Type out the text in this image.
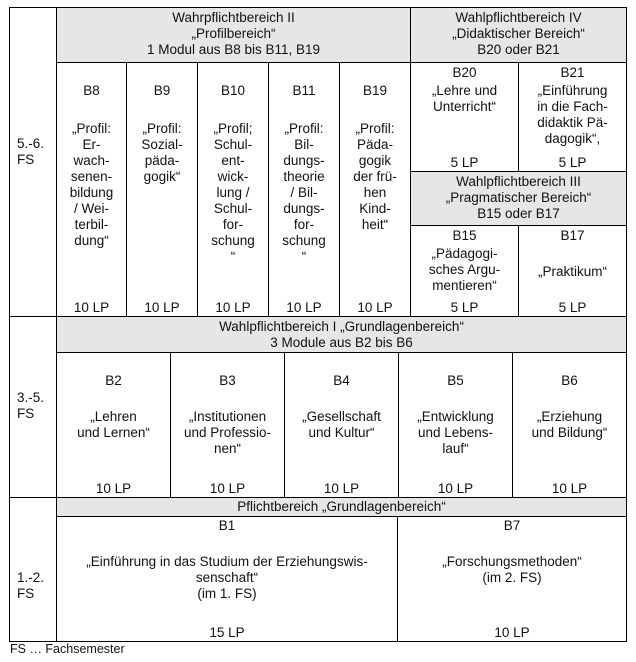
5.-6.
FS
3.-5.
FS
1.-2.
FS
Wahrpflichtbereich II
„Profilbereich“
1 Modul aus B8 bis B11, B19
Wahlpflichtbereich IV
„Didaktischer Bereich“
B20 oder B21
B8
„Profil:
Er-
wach-
senen-
bildung
/ Wei-
terbil-
dung“
10 LP
B9
„Profil:
Sozial-
päda-
gogik“
10 LP
B10
„Profil;
Schul-
ent-
wick-
lung /
Schul-
for-
schung
“
10 LP
B11
„Profil:
Bil-
dungs-
theorie
/ Bil-
dungs-
for-
schung
“
10 LP
B19
„Profil:
Päda-
gogik
der frü-
hen
Kind-
heit“
10 LP
B20
„Lehre und
Unterricht“
5 LP
B21
„Einführung
in die Fach-
didaktik Pä-
dagogik“,
5 LP
Wahlpflichtbereich III
„Pragmatischer Bereich“
B15 oder B17
B15
„Pädagogi-
sches Argu-
mentieren“
5 LP
B17
„Praktikum“
5 LP
Wahlpflichtbereich I „Grundlagenbereich“
3 Module aus B2 bis B6
B2
„Lehren
und Lernen“
10 LP
B3
„Institutionen
und Professio-
nen“
10 LP
B4
„Gesellschaft
und Kultur“
10 LP
B5
„Entwicklung
und Lebens-
lauf“
10 LP
B6
„Erziehung
und Bildung“
10 LP
Pflichtbereich „Grundlagenbereich“
B1
„Einführung in das Studium der Erziehungswis-
senschaft“
(im 1. FS)
15 LP
B7
„Forschungsmethoden“
(im 2. FS)
10 LP
FS … Fachsemester
